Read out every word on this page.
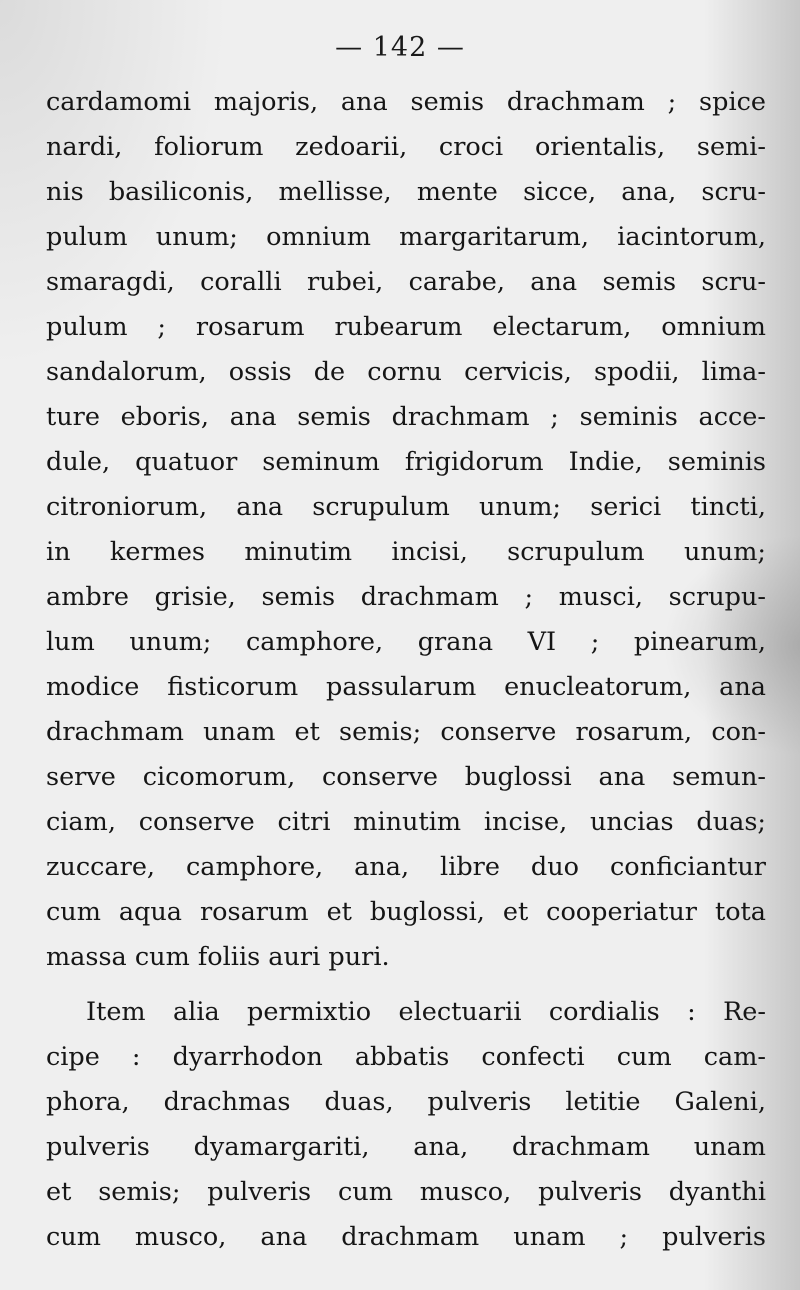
— 142 —
cardamomi majoris, ana semis drachmam ; spice
nardi, foliorum zedoarii, croci orientalis, semi-
nis basiliconis, mellisse, mente sicce, ana, scru-
pulum unum; omnium margaritarum, iacintorum,
smaragdi, coralli rubei, carabe, ana semis scru-
pulum ; rosarum rubearum electarum, omnium
sandalorum, ossis de cornu cervicis, spodii, lima-
ture eboris, ana semis drachmam ; seminis acce-
dule, quatuor seminum frigidorum Indie, seminis
citroniorum, ana scrupulum unum; serici tincti,
in kermes minutim incisi, scrupulum unum;
ambre grisie, semis drachmam ; musci, scrupu-
lum unum; camphore, grana VI ; pinearum,
modice fisticorum passularum enucleatorum, ana
drachmam unam et semis; conserve rosarum, con-
serve cicomorum, conserve buglossi ana semun-
ciam, conserve citri minutim incise, uncias duas;
zuccare, camphore, ana, libre duo conficiantur
cum aqua rosarum et buglossi, et cooperiatur tota
massa cum foliis auri puri.
Item alia permixtio electuarii cordialis : Re-
cipe : dyarrhodon abbatis confecti cum cam-
phora, drachmas duas, pulveris letitie Galeni,
pulveris dyamargariti, ana, drachmam unam
et semis; pulveris cum musco, pulveris dyanthi
cum musco, ana drachmam unam ; pulveris
